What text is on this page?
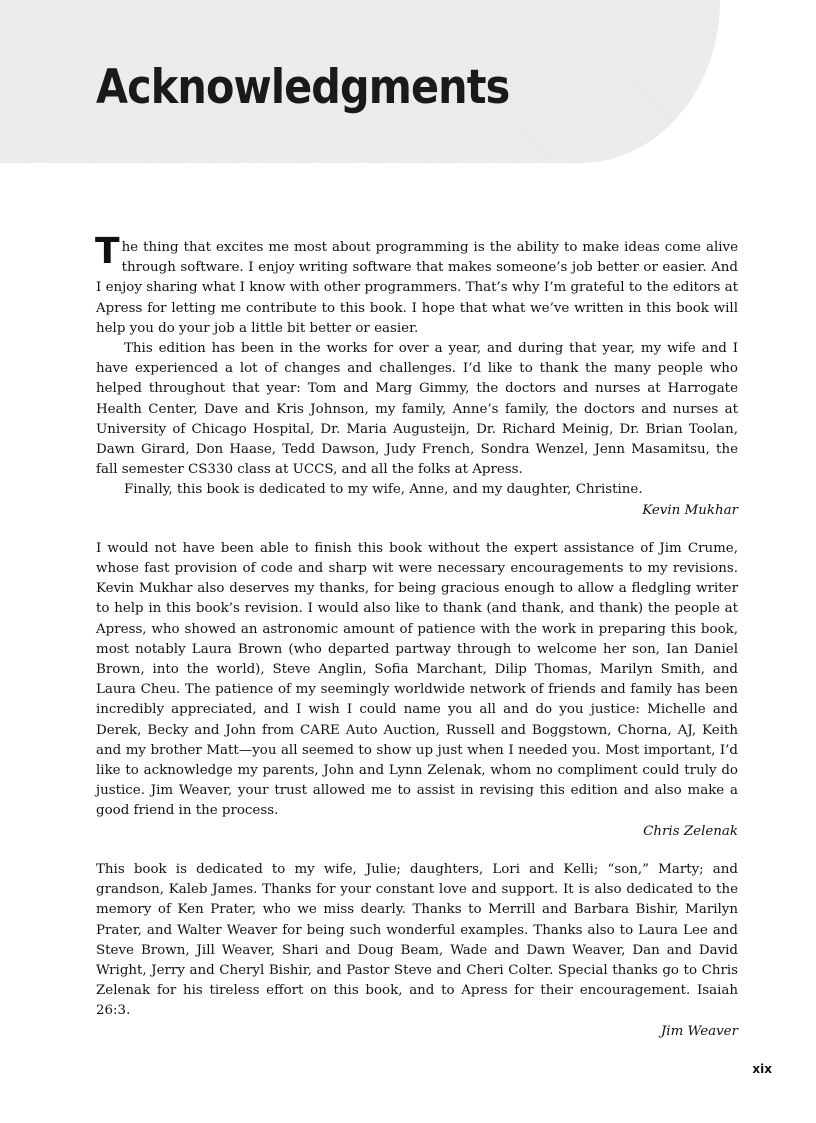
Acknowledgments

The thing that excites me most about programming is the ability to make ideas come alive through software. I enjoy writing software that makes someone’s job better or easier. And I enjoy sharing what I know with other programmers. That’s why I’m grateful to the editors at Apress for letting me contribute to this book. I hope that what we’ve written in this book will help you do your job a little bit better or easier.

This edition has been in the works for over a year, and during that year, my wife and I have experienced a lot of changes and challenges. I’d like to thank the many people who helped throughout that year: Tom and Marg Gimmy, the doctors and nurses at Harrogate Health Center, Dave and Kris Johnson, my family, Anne’s family, the doctors and nurses at University of Chicago Hospital, Dr. Maria Augusteijn, Dr. Richard Meinig, Dr. Brian Toolan, Dawn Girard, Don Haase, Tedd Dawson, Judy French, Sondra Wenzel, Jenn Masamitsu, the fall semester CS330 class at UCCS, and all the folks at Apress.

Finally, this book is dedicated to my wife, Anne, and my daughter, Christine.

Kevin Mukhar

I would not have been able to finish this book without the expert assistance of Jim Crume, whose fast provision of code and sharp wit were necessary encouragements to my revisions. Kevin Mukhar also deserves my thanks, for being gracious enough to allow a fledgling writer to help in this book’s revision. I would also like to thank (and thank, and thank) the people at Apress, who showed an astronomic amount of patience with the work in preparing this book, most notably Laura Brown (who departed partway through to welcome her son, Ian Daniel Brown, into the world), Steve Anglin, Sofia Marchant, Dilip Thomas, Marilyn Smith, and Laura Cheu. The patience of my seemingly worldwide network of friends and family has been incredibly appreciated, and I wish I could name you all and do you justice: Michelle and Derek, Becky and John from CARE Auto Auction, Russell and Boggstown, Chorna, AJ, Keith and my brother Matt—you all seemed to show up just when I needed you. Most important, I’d like to acknowledge my parents, John and Lynn Zelenak, whom no compliment could truly do justice. Jim Weaver, your trust allowed me to assist in revising this edition and also make a good friend in the process.

Chris Zelenak

This book is dedicated to my wife, Julie; daughters, Lori and Kelli; “son,” Marty; and grandson, Kaleb James. Thanks for your constant love and support. It is also dedicated to the memory of Ken Prater, who we miss dearly. Thanks to Merrill and Barbara Bishir, Marilyn Prater, and Walter Weaver for being such wonderful examples. Thanks also to Laura Lee and Steve Brown, Jill Weaver, Shari and Doug Beam, Wade and Dawn Weaver, Dan and David Wright, Jerry and Cheryl Bishir, and Pastor Steve and Cheri Colter. Special thanks go to Chris Zelenak for his tireless effort on this book, and to Apress for their encouragement. Isaiah 26:3.

Jim Weaver

xix
